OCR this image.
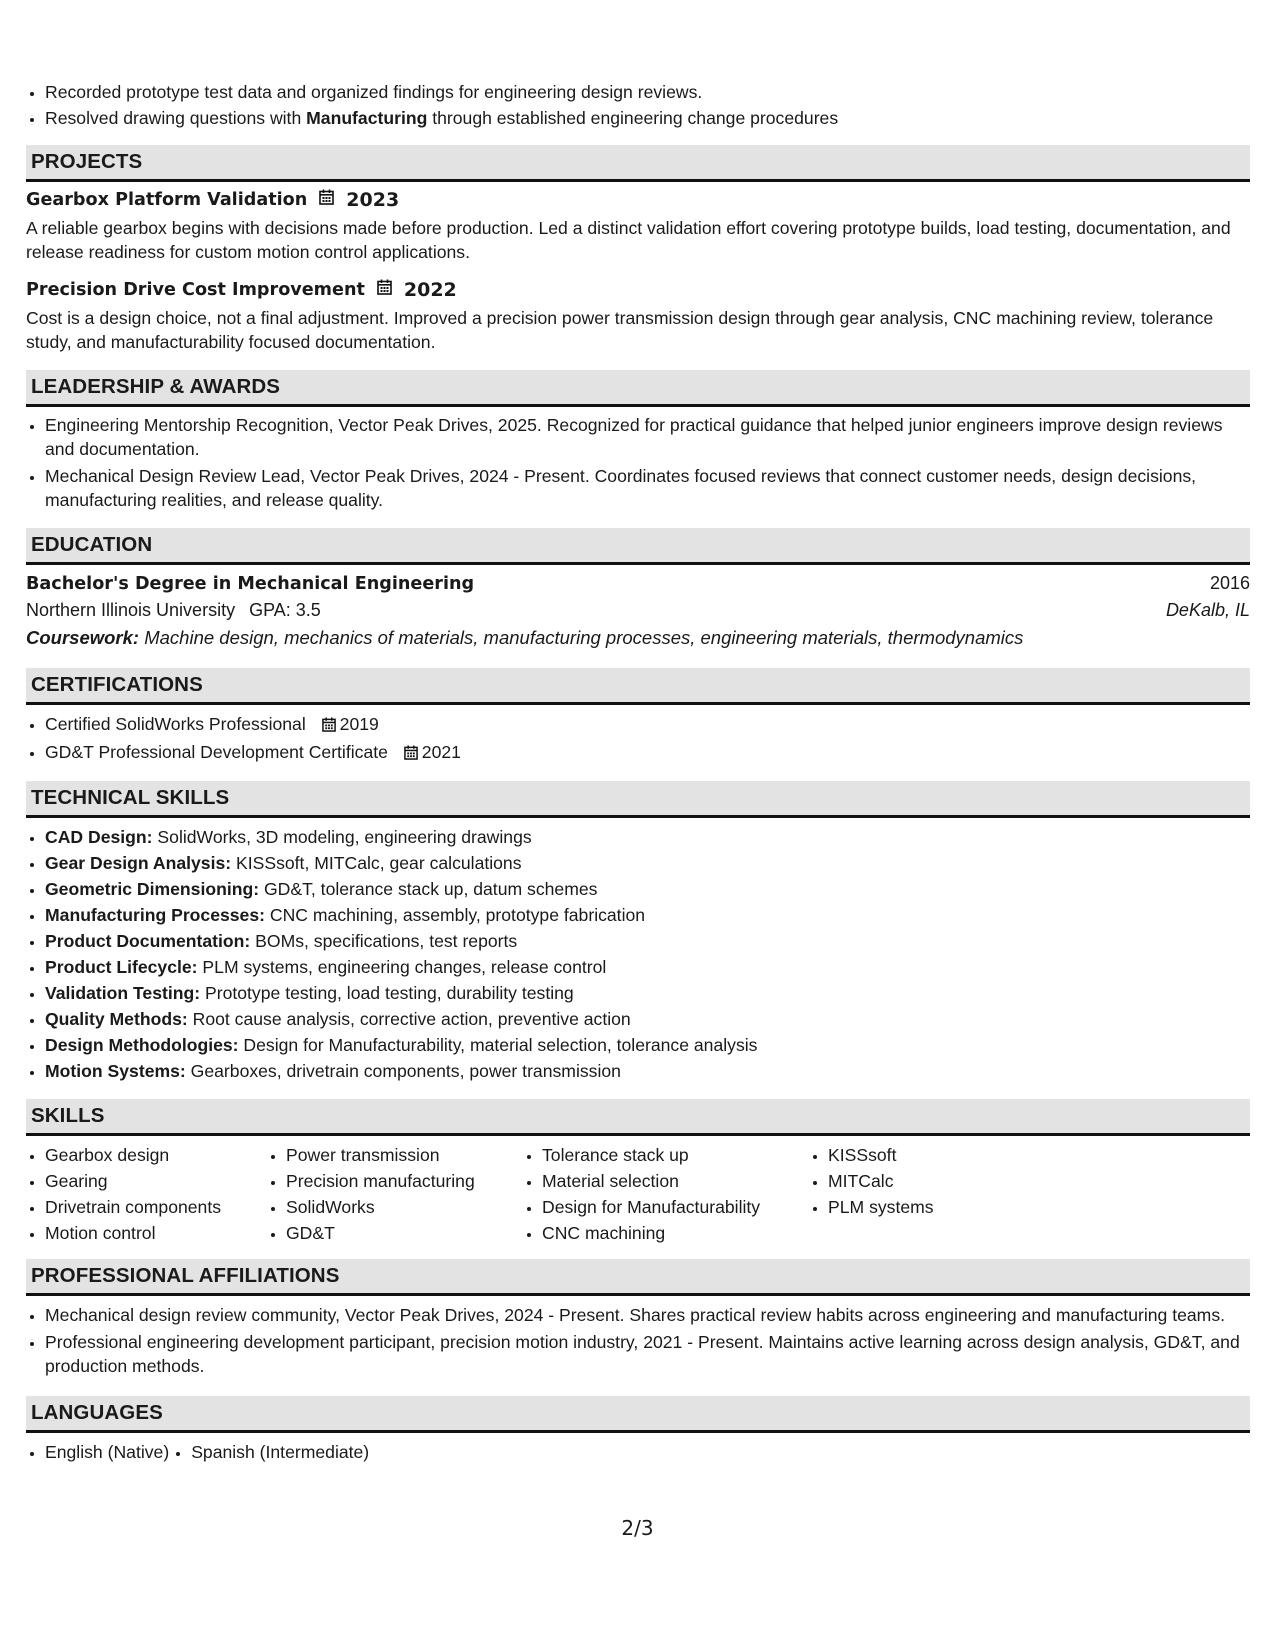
• Recorded prototype test data and organized findings for engineering design reviews.
• Resolved drawing questions with Manufacturing through established engineering change procedures
PROJECTS
Gearbox Platform Validation 2023
A reliable gearbox begins with decisions made before production. Led a distinct validation effort covering prototype builds, load testing, documentation, and release readiness for custom motion control applications.
Precision Drive Cost Improvement 2022
Cost is a design choice, not a final adjustment. Improved a precision power transmission design through gear analysis, CNC machining review, tolerance study, and manufacturability focused documentation.
LEADERSHIP & AWARDS
• Engineering Mentorship Recognition, Vector Peak Drives, 2025. Recognized for practical guidance that helped junior engineers improve design reviews and documentation.
• Mechanical Design Review Lead, Vector Peak Drives, 2024 - Present. Coordinates focused reviews that connect customer needs, design decisions, manufacturing realities, and release quality.
EDUCATION
Bachelor's Degree in Mechanical Engineering	2016
Northern Illinois University GPA: 3.5	DeKalb, IL
Coursework: Machine design, mechanics of materials, manufacturing processes, engineering materials, thermodynamics
CERTIFICATIONS
• Certified SolidWorks Professional 2019
• GD&T Professional Development Certificate 2021
TECHNICAL SKILLS
• CAD Design: SolidWorks, 3D modeling, engineering drawings
• Gear Design Analysis: KISSsoft, MITCalc, gear calculations
• Geometric Dimensioning: GD&T, tolerance stack up, datum schemes
• Manufacturing Processes: CNC machining, assembly, prototype fabrication
• Product Documentation: BOMs, specifications, test reports
• Product Lifecycle: PLM systems, engineering changes, release control
• Validation Testing: Prototype testing, load testing, durability testing
• Quality Methods: Root cause analysis, corrective action, preventive action
• Design Methodologies: Design for Manufacturability, material selection, tolerance analysis
• Motion Systems: Gearboxes, drivetrain components, power transmission
SKILLS
• Gearbox design
• Gearing
• Drivetrain components
• Motion control
• Power transmission
• Precision manufacturing
• SolidWorks
• GD&T
• Tolerance stack up
• Material selection
• Design for Manufacturability
• CNC machining
• KISSsoft
• MITCalc
• PLM systems
PROFESSIONAL AFFILIATIONS
• Mechanical design review community, Vector Peak Drives, 2024 - Present. Shares practical review habits across engineering and manufacturing teams.
• Professional engineering development participant, precision motion industry, 2021 - Present. Maintains active learning across design analysis, GD&T, and production methods.
LANGUAGES
• English (Native)
• Spanish (Intermediate)
2/3
